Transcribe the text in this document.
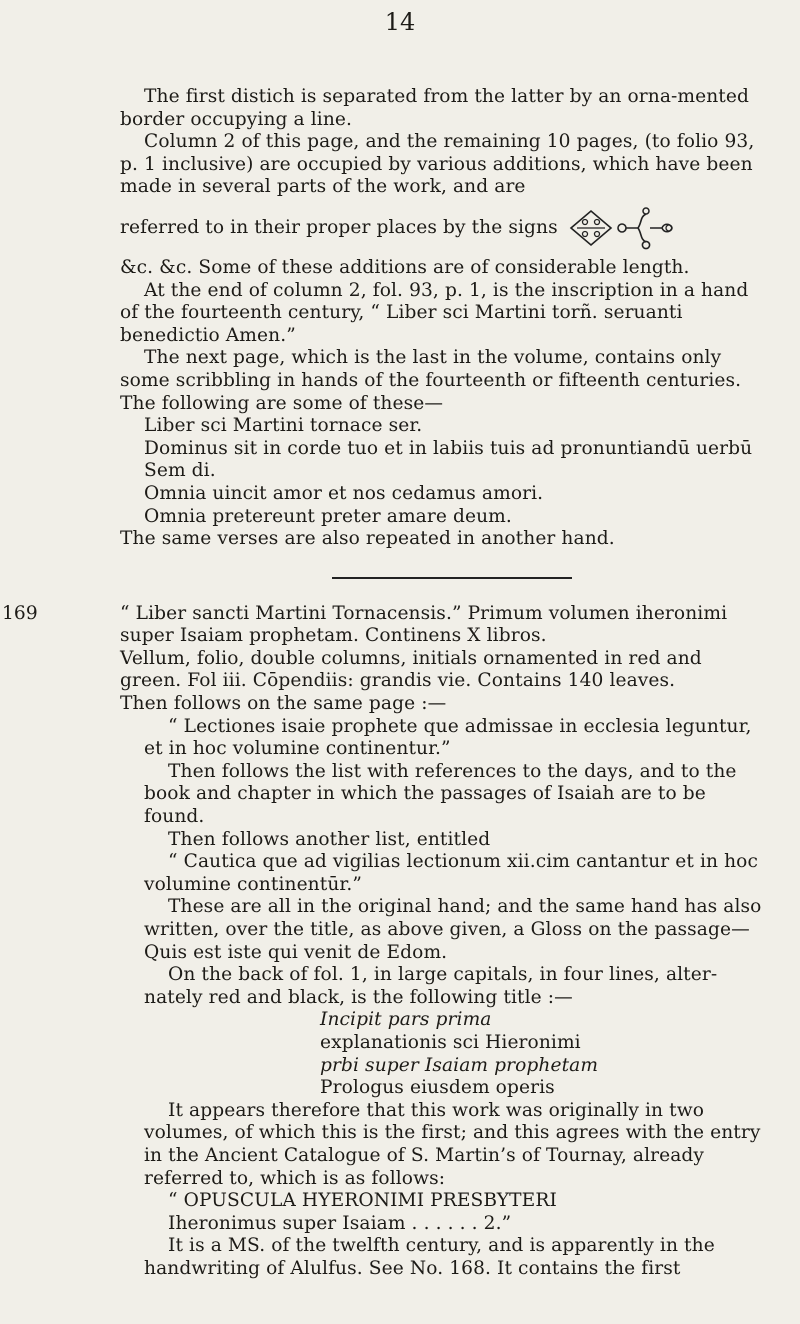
14

The first distich is separated from the latter by an orna-mented border occupying a line.

Column 2 of this page, and the remaining 10 pages, (to folio 93, p. 1 inclusive) are occupied by various additions, which have been made in several parts of the work, and are

referred to in their proper places by the signs

&c. &c. Some of these additions are of considerable length.

At the end of column 2, fol. 93, p. 1, is the inscription in a hand of the fourteenth century, “ Liber sci Martini torñ. seruanti benedictio Amen.”

The next page, which is the last in the volume, contains only some scribbling in hands of the fourteenth or fifteenth centuries. The following are some of these—

Liber sci Martini tornace ser.

Dominus sit in corde tuo et in labiis tuis ad pronuntiandū uerbū Sem di.

Omnia uincit amor et nos cedamus amori.

Omnia pretereunt preter amare deum.

The same verses are also repeated in another hand.

169	“ Liber sancti Martini Tornacensis.” Primum volumen iheronimi super Isaiam prophetam. Continens X libros.

Vellum, folio, double columns, initials ornamented in red and green. Fol iii. Cōpendiis: grandis vie. Contains 140 leaves.

Then follows on the same page :—

“ Lectiones isaie prophete que admissae in ecclesia leguntur, et in hoc volumine continentur.”

Then follows the list with references to the days, and to the book and chapter in which the passages of Isaiah are to be found.

Then follows another list, entitled

“ Cautica que ad vigilias lectionum xii.cim cantantur et in hoc volumine continentūr.”

These are all in the original hand; and the same hand has also written, over the title, as above given, a Gloss on the passage—Quis est iste qui venit de Edom.

On the back of fol. 1, in large capitals, in four lines, alter-nately red and black, is the following title :—

Incipit pars prima

explanationis sci Hieronimi

prbi super Isaiam prophetam

Prologus eiusdem operis

It appears therefore that this work was originally in two volumes, of which this is the first; and this agrees with the entry in the Ancient Catalogue of S. Martin’s of Tournay, already referred to, which is as follows:

“ OPUSCULA HYERONIMI PRESBYTERI

Iheronimus super Isaiam . . . . . . 2.”

It is a MS. of the twelfth century, and is apparently in the handwriting of Alulfus. See No. 168. It contains the first
